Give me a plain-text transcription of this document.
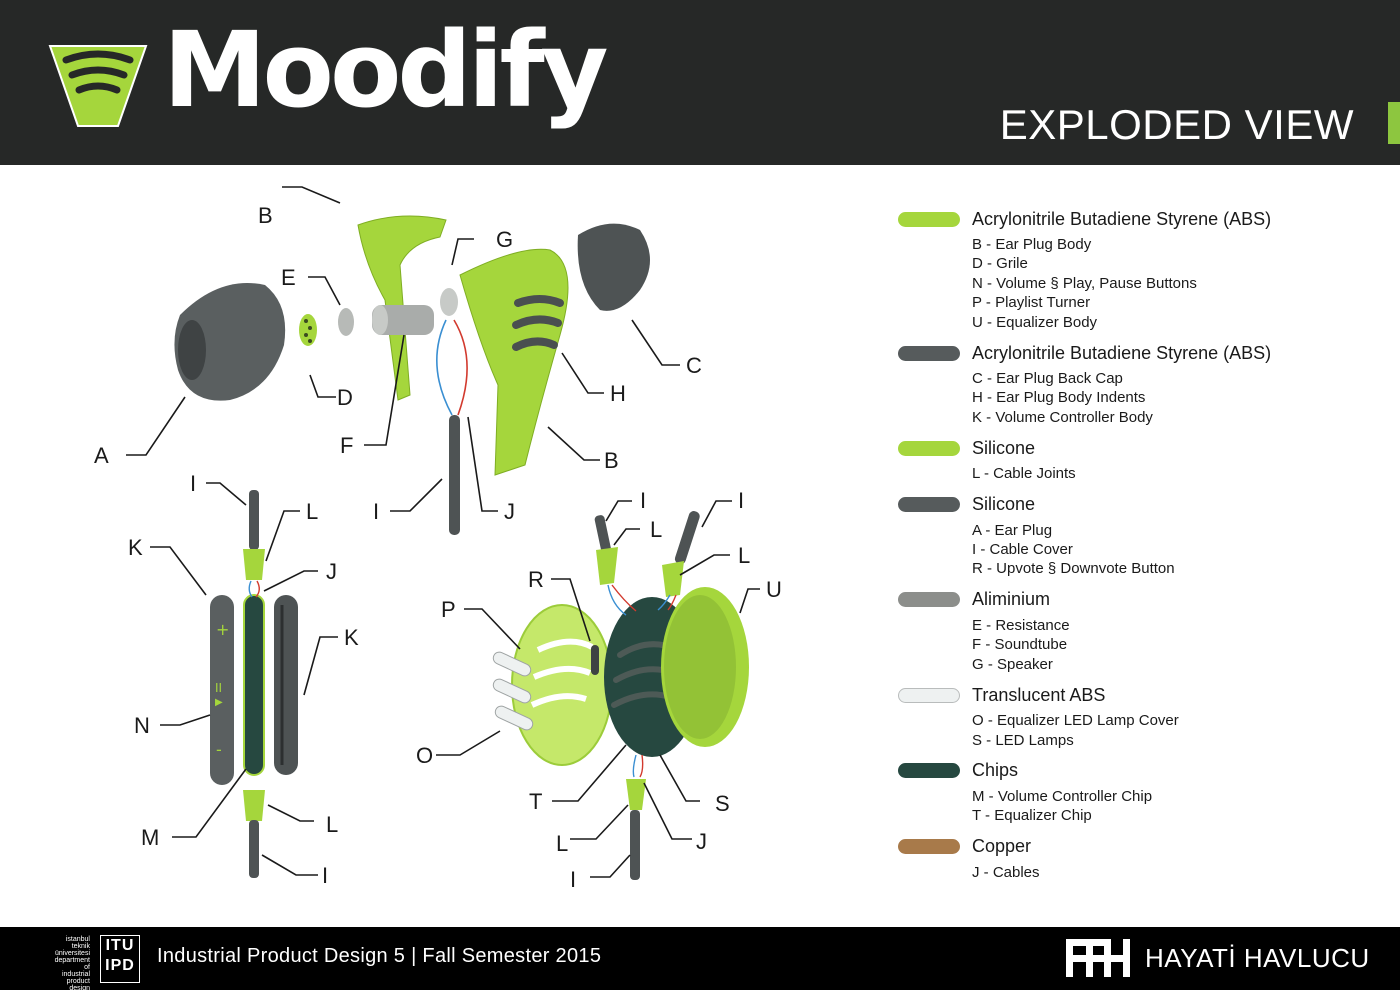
Moodify	EXPLODED VIEW
+
II
▶
-
B
E
G
A
D
F
C
H
B
I	J
I
L
K
J
K
N
M
L
I
I
L
I
L
U
R
P
O
T	S
L	J
I
Acrylonitrile Butadiene Styrene (ABS)
B - Ear Plug Body
D - Grile
N - Volume § Play, Pause Buttons
P - Playlist Turner
U - Equalizer Body
Acrylonitrile Butadiene Styrene (ABS)
C - Ear Plug Back Cap
H - Ear Plug Body Indents
K - Volume Controller Body
Silicone
L - Cable Joints
Silicone
A - Ear Plug
I - Cable Cover
R - Upvote § Downvote Button
Aliminium
E - Resistance
F - Soundtube
G - Speaker
Translucent ABS
O - Equalizer LED Lamp Cover
S - LED Lamps
Chips
M - Volume Controller Chip
T - Equalizer Chip
Copper
J - Cables
istanbul
teknik
üniversitesi
department of
industrial
product
design
ITU
IPD Industrial Product Design 5 | Fall Semester 2015	HAYATİ HAVLUCU
